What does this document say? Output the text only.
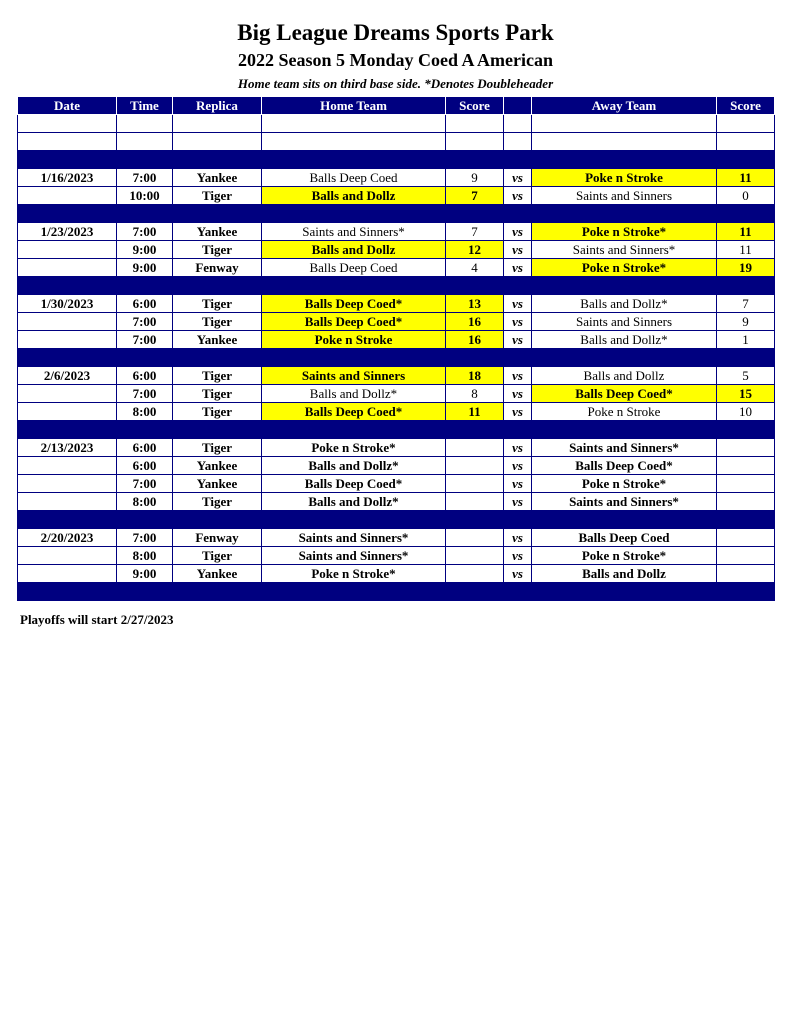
Big League Dreams Sports Park
2022 Season 5 Monday Coed A American
Home team sits on third base side. *Denotes Doubleheader
Date	Time	Replica	Home Team	Score		Away Team	Score

1/16/2023	7:00	Yankee	Balls Deep Coed	9	vs	Poke n Stroke	11
	10:00	Tiger	Balls and Dollz	7	vs	Saints and Sinners	0

1/23/2023	7:00	Yankee	Saints and Sinners*	7	vs	Poke n Stroke*	11
	9:00	Tiger	Balls and Dollz	12	vs	Saints and Sinners*	11
	9:00	Fenway	Balls Deep Coed	4	vs	Poke n Stroke*	19

1/30/2023	6:00	Tiger	Balls Deep Coed*	13	vs	Balls and Dollz*	7
	7:00	Tiger	Balls Deep Coed*	16	vs	Saints and Sinners	9
	7:00	Yankee	Poke n Stroke	16	vs	Balls and Dollz*	1

2/6/2023	6:00	Tiger	Saints and Sinners	18	vs	Balls and Dollz	5
	7:00	Tiger	Balls and Dollz*	8	vs	Balls Deep Coed*	15
	8:00	Tiger	Balls Deep Coed*	11	vs	Poke n Stroke	10

2/13/2023	6:00	Tiger	Poke n Stroke*		vs	Saints and Sinners*	
	6:00	Yankee	Balls and Dollz*		vs	Balls Deep Coed*	
	7:00	Yankee	Balls Deep Coed*		vs	Poke n Stroke*	
	8:00	Tiger	Balls and Dollz*		vs	Saints and Sinners*	

2/20/2023	7:00	Fenway	Saints and Sinners*		vs	Balls Deep Coed	
	8:00	Tiger	Saints and Sinners*		vs	Poke n Stroke*	
	9:00	Yankee	Poke n Stroke*		vs	Balls and Dollz	

Playoffs will start 2/27/2023
